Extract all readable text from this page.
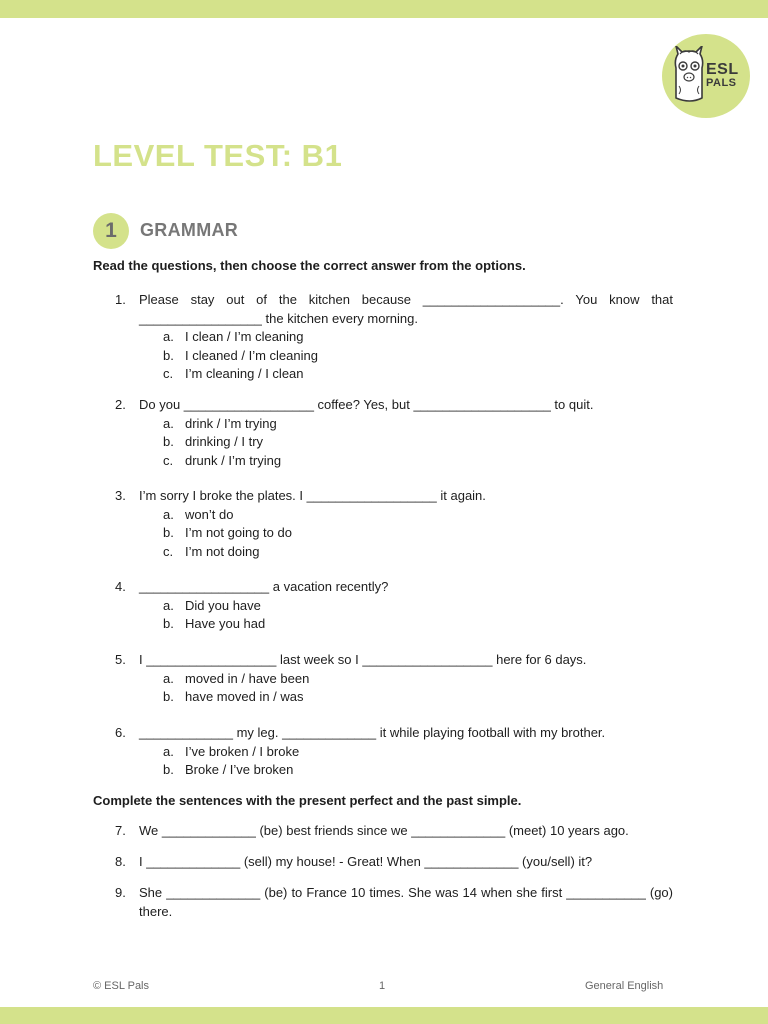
ESL
PALS
LEVEL TEST: B1
1	GRAMMAR
Read the questions, then choose the correct answer from the options.
1. Please stay out of the kitchen because ___________________. You know that _________________ the kitchen every morning.
a. I clean / I’m cleaning
b. I cleaned / I’m cleaning
c. I’m cleaning / I clean
2. Do you __________________ coffee? Yes, but ___________________ to quit.
a. drink / I’m trying
b. drinking / I try
c. drunk / I’m trying
3. I’m sorry I broke the plates. I __________________ it again.
a. won’t do
b. I’m not going to do
c. I’m not doing
4. __________________ a vacation recently?
a. Did you have
b. Have you had
5. I __________________ last week so I __________________ here for 6 days.
a. moved in / have been
b. have moved in / was
6. _____________ my leg. _____________ it while playing football with my brother.
a. I’ve broken / I broke
b. Broke / I’ve broken
Complete the sentences with the present perfect and the past simple.
7. We _____________ (be) best friends since we _____________ (meet) 10 years ago.
8. I _____________ (sell) my house! - Great! When _____________ (you/sell) it?
9. She _____________ (be) to France 10 times. She was 14 when she first ___________ (go) there.
© ESL Pals	1	General English
